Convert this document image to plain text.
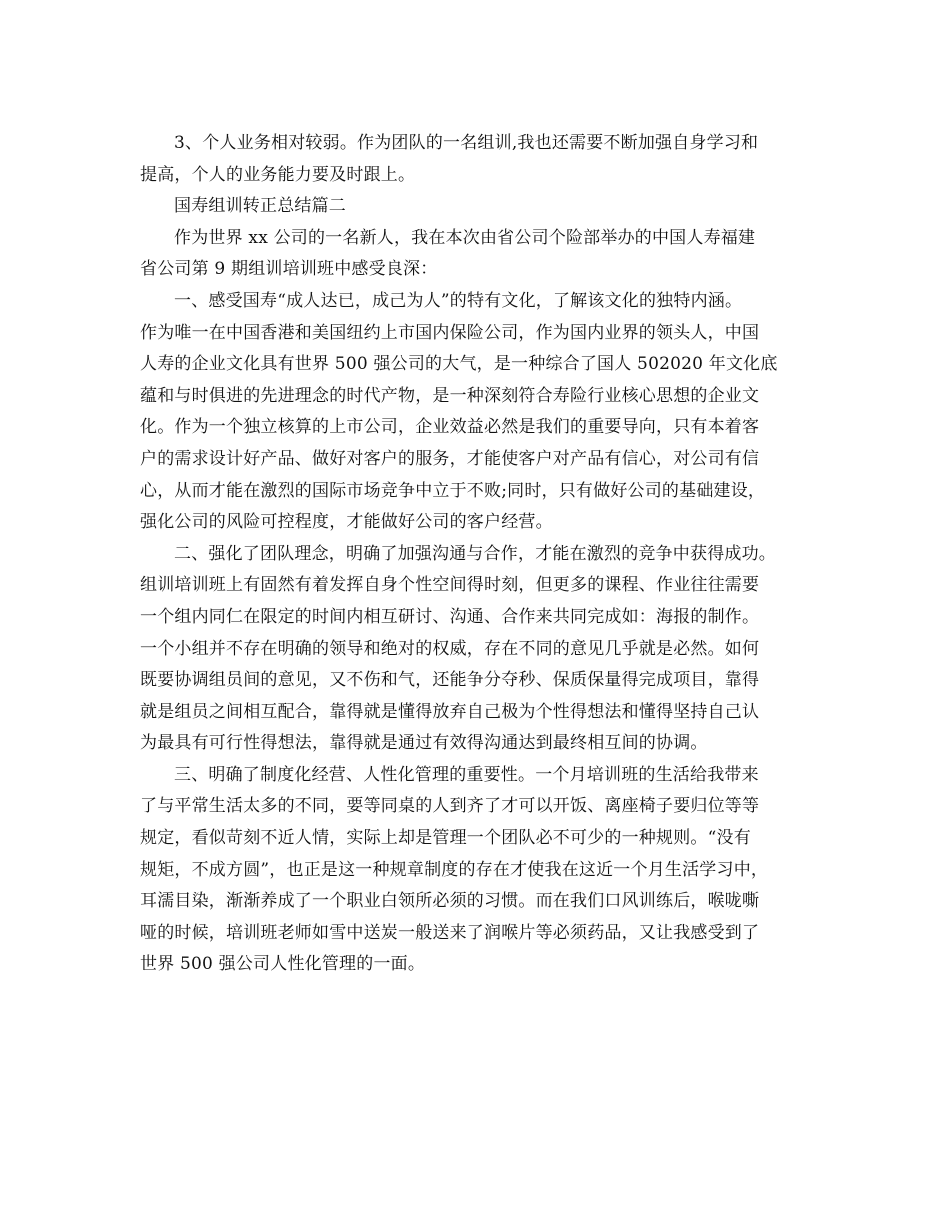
3、个人业务相对较弱。作为团队的一名组训,我也还需要不断加强自身学习和
提高，个人的业务能力要及时跟上。
国寿组训转正总结篇二
作为世界 xx 公司的一名新人，我在本次由省公司个险部举办的中国人寿福建
省公司第 9 期组训培训班中感受良深：
一、感受国寿“成人达已，成己为人”的特有文化，了解该文化的独特内涵。
作为唯一在中国香港和美国纽约上市国内保险公司，作为国内业界的领头人，中国
人寿的企业文化具有世界 500 强公司的大气，是一种综合了国人 502020 年文化底
蕴和与时俱进的先进理念的时代产物，是一种深刻符合寿险行业核心思想的企业文
化。作为一个独立核算的上市公司，企业效益必然是我们的重要导向，只有本着客
户的需求设计好产品、做好对客户的服务，才能使客户对产品有信心，对公司有信
心，从而才能在激烈的国际市场竞争中立于不败;同时，只有做好公司的基础建设，
强化公司的风险可控程度，才能做好公司的客户经营。
二、强化了团队理念，明确了加强沟通与合作，才能在激烈的竞争中获得成功。
组训培训班上有固然有着发挥自身个性空间得时刻，但更多的课程、作业往往需要
一个组内同仁在限定的时间内相互研讨、沟通、合作来共同完成如：海报的制作。
一个小组并不存在明确的领导和绝对的权威，存在不同的意见几乎就是必然。如何
既要协调组员间的意见，又不伤和气，还能争分夺秒、保质保量得完成项目，靠得
就是组员之间相互配合，靠得就是懂得放弃自己极为个性得想法和懂得坚持自己认
为最具有可行性得想法，靠得就是通过有效得沟通达到最终相互间的协调。
三、明确了制度化经营、人性化管理的重要性。一个月培训班的生活给我带来
了与平常生活太多的不同，要等同桌的人到齐了才可以开饭、离座椅子要归位等等
规定，看似苛刻不近人情，实际上却是管理一个团队必不可少的一种规则。“没有
规矩，不成方圆”，也正是这一种规章制度的存在才使我在这近一个月生活学习中，
耳濡目染，渐渐养成了一个职业白领所必须的习惯。而在我们口风训练后，喉咙嘶
哑的时候，培训班老师如雪中送炭一般送来了润喉片等必须药品，又让我感受到了
世界 500 强公司人性化管理的一面。
